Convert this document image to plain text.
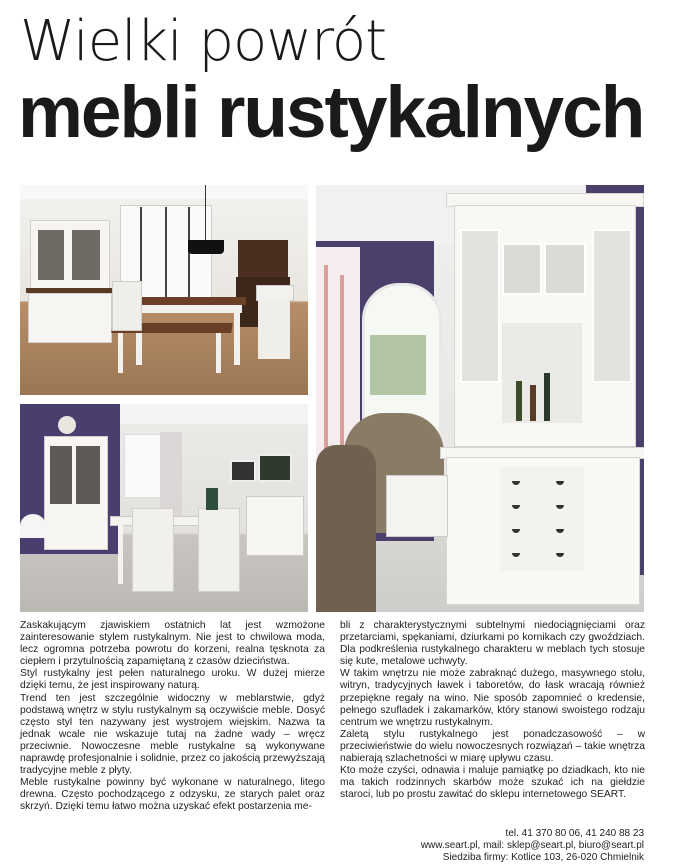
Wielki powrót
mebli rustykalnych

Zaskakującym zjawiskiem ostatnich lat jest wzmożone zainteresowanie stylem rustykalnym. Nie jest to chwilowa moda, lecz ogromna potrzeba powrotu do korzeni, realna tęsknota za ciepłem i przytulnością zapamiętaną z czasów dzieciństwa.

Styl rustykalny jest pełen naturalnego uroku. W dużej mierze dzięki temu, że jest inspirowany naturą.

Trend ten jest szczególnie widoczny w meblarstwie, gdyż podstawą wnętrz w stylu rustykalnym są oczywiście meble. Dosyć często styl ten nazywany jest wystrojem wiejskim. Nazwa ta jednak wcale nie wskazuje tutaj na żadne wady – wręcz przeciwnie. Nowoczesne meble rustykalne są wykonywane naprawdę profesjonalnie i solidnie, przez co jakością przewyższają tradycyjne meble z płyty.

Meble rustykalne powinny być wykonane w naturalnego, litego drewna. Często pochodzącego z odzysku, ze starych palet oraz skrzyń. Dzięki temu łatwo można uzyskać efekt postarzenia me-

bli z charakterystycznymi subtelnymi niedociągnięciami oraz przetarciami, spękaniami, dziurkami po kornikach czy gwoździach. Dla podkreślenia rustykalnego charakteru w meblach tych stosuje się kute, metalowe uchwyty.

W takim wnętrzu nie może zabraknąć dużego, masywnego stołu, witryn, tradycyjnych ławek i taboretów, do łask wracają również przepiękne regały na wino. Nie sposób zapomnieć o kredensie, pełnego szufladek i zakamarków, który stanowi swoistego rodzaju centrum we wnętrzu rustykalnym.

Zaletą stylu rustykalnego jest ponadczasowość – w przeciwieństwie do wielu nowoczesnych rozwiązań – takie wnętrza nabierają szlachetności w miarę upływu czasu.

Kto może czyści, odnawia i maluje pamiątkę po dziadkach, kto nie ma takich rodzinnych skarbów może szukać ich na giełdzie staroci, lub po prostu zawitać do sklepu internetowego SEART.

tel. 41 370 80 06, 41 240 88 23
www.seart.pl, mail: sklep@seart.pl, biuro@seart.pl
Siedziba firmy: Kotlice 103, 26-020 Chmielnik
